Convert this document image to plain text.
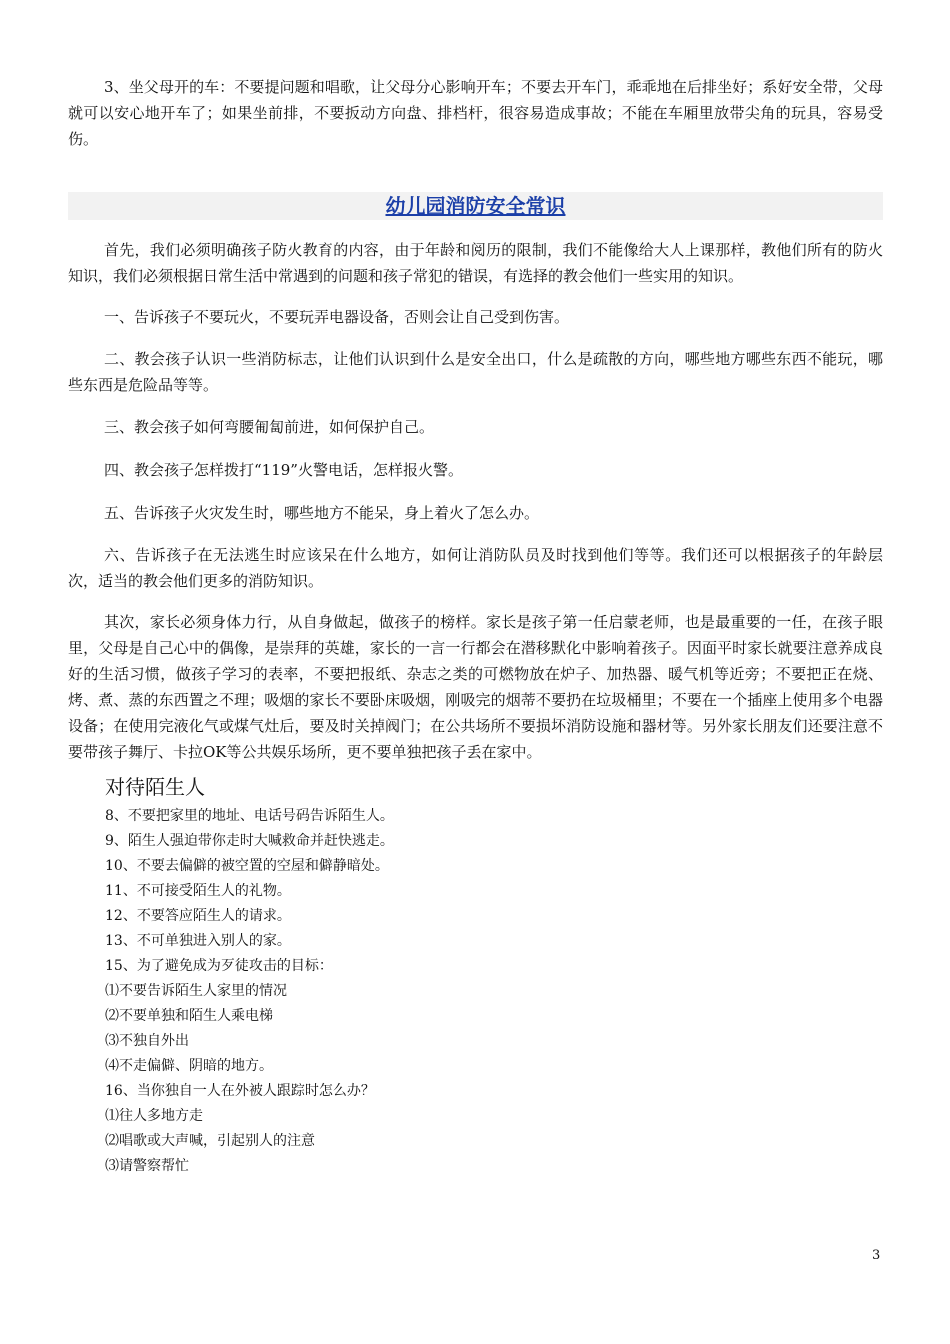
3、坐父母开的车：不要提问题和唱歌，让父母分心影响开车；不要去开车门，乖乖地在后排坐好；系好安全带，父母就可以安心地开车了；如果坐前排，不要扳动方向盘、排档杆，很容易造成事故；不能在车厢里放带尖角的玩具，容易受伤。

幼儿园消防安全常识

首先，我们必须明确孩子防火教育的内容，由于年龄和阅历的限制，我们不能像给大人上课那样，教他们所有的防火知识，我们必须根据日常生活中常遇到的问题和孩子常犯的错误，有选择的教会他们一些实用的知识。

一、告诉孩子不要玩火，不要玩弄电器设备，否则会让自己受到伤害。

二、教会孩子认识一些消防标志，让他们认识到什么是安全出口，什么是疏散的方向，哪些地方哪些东西不能玩，哪些东西是危险品等等。

三、教会孩子如何弯腰匍匐前进，如何保护自己。

四、教会孩子怎样拨打“119”火警电话，怎样报火警。

五、告诉孩子火灾发生时，哪些地方不能呆，身上着火了怎么办。

六、告诉孩子在无法逃生时应该呆在什么地方，如何让消防队员及时找到他们等等。我们还可以根据孩子的年龄层次，适当的教会他们更多的消防知识。

其次，家长必须身体力行，从自身做起，做孩子的榜样。家长是孩子第一任启蒙老师，也是最重要的一任，在孩子眼里，父母是自己心中的偶像，是崇拜的英雄，家长的一言一行都会在潜移默化中影响着孩子。因面平时家长就要注意养成良好的生活习惯，做孩子学习的表率，不要把报纸、杂志之类的可燃物放在炉子、加热器、暖气机等近旁；不要把正在烧、烤、煮、蒸的东西置之不理；吸烟的家长不要卧床吸烟，刚吸完的烟蒂不要扔在垃圾桶里；不要在一个插座上使用多个电器设备；在使用完液化气或煤气灶后，要及时关掉阀门；在公共场所不要损坏消防设施和器材等。另外家长朋友们还要注意不要带孩子舞厅、卡拉OK等公共娱乐场所，更不要单独把孩子丢在家中。

对待陌生人
8、不要把家里的地址、电话号码告诉陌生人。
9、陌生人强迫带你走时大喊救命并赶快逃走。
10、不要去偏僻的被空置的空屋和僻静暗处。
11、不可接受陌生人的礼物。
12、不要答应陌生人的请求。
13、不可单独进入别人的家。
15、为了避免成为歹徒攻击的目标：
⑴不要告诉陌生人家里的情况
⑵不要单独和陌生人乘电梯
⑶不独自外出
⑷不走偏僻、阴暗的地方。
16、当你独自一人在外被人跟踪时怎么办？
⑴往人多地方走
⑵唱歌或大声喊，引起别人的注意
⑶请警察帮忙
3
